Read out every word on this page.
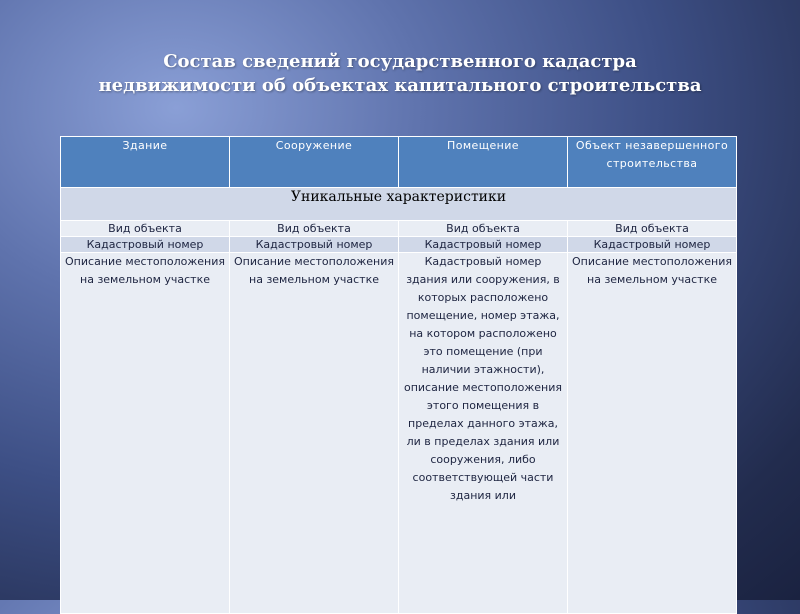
Состав сведений государственного кадастра
недвижимости об объектах капитального строительства
Здание	Сооружение	Помещение	Объект незавершенного строительства
Уникальные характеристики			
Вид объекта	Вид объекта	Вид объекта	Вид объекта
Кадастровый номер	Кадастровый номер	Кадастровый номер	Кадастровый номер
Описание местоположения на земельном участке	Описание местоположения на земельном участке	Кадастровый номер здания или сооружения, в которых расположено помещение, номер этажа, на котором расположено это помещение (при наличии этажности), описание местоположения этого помещения в пределах данного этажа, ли в пределах здания или сооружения, либо соответствующей части здания или	Описание местоположения на земельном участке
